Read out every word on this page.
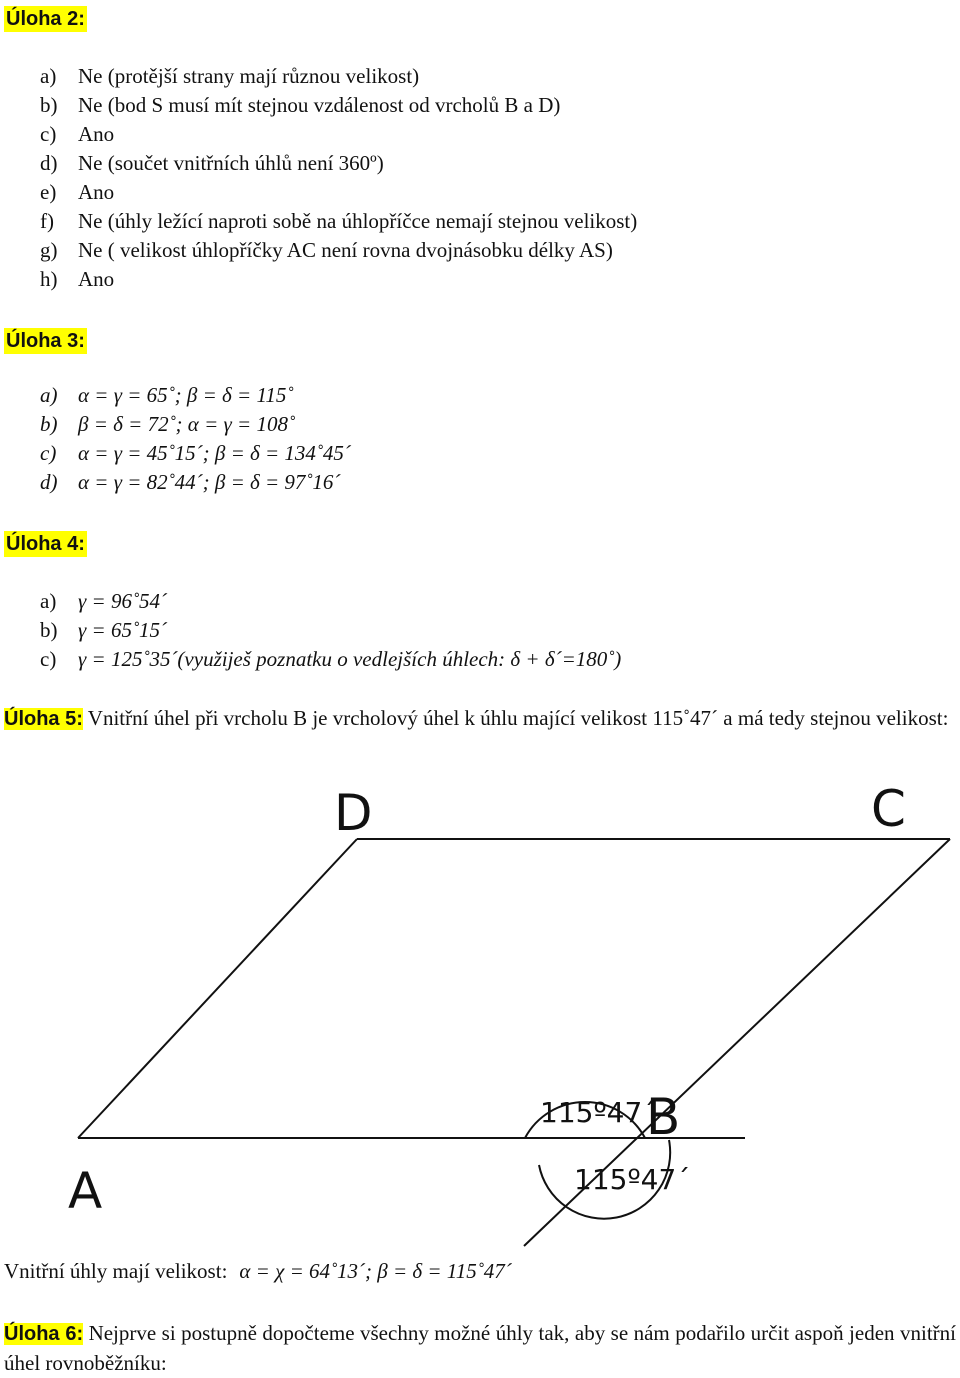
Úloha 2:
a) Ne (protější strany mají různou velikost)
b) Ne (bod S musí mít stejnou vzdálenost od vrcholů B a D)
c) Ano
d) Ne (součet vnitřních úhlů není 360º)
e) Ano
f) Ne (úhly ležící naproti sobě na úhlopříčce nemají stejnou velikost)
g) Ne ( velikost úhlopříčky AC není rovna dvojnásobku délky AS)
h) Ano
Úloha 3:
a) α = γ = 65˚; β = δ = 115˚
b) β = δ = 72˚; α = γ = 108˚
c) α = γ = 45˚15´; β = δ = 134˚45´
d) α = γ = 82˚44´; β = δ = 97˚16´
Úloha 4:
a) γ = 96˚54´
b) γ = 65˚15´
c) γ = 125˚35´(využiješ poznatku o vedlejších úhlech: δ + δ´=180˚)
Úloha 5: Vnitřní úhel při vrcholu B je vrcholový úhel k úhlu mající velikost 115˚47´ a má tedy stejnou velikost:
D	C
B
A
115º47´
115º47´
Vnitřní úhly mají velikost: α = χ = 64˚13´; β = δ = 115˚47´
Úloha 6: Nejprve si postupně dopočteme všechny možné úhly tak, aby se nám podařilo určit aspoň jeden vnitřní úhel rovnoběžníku:
